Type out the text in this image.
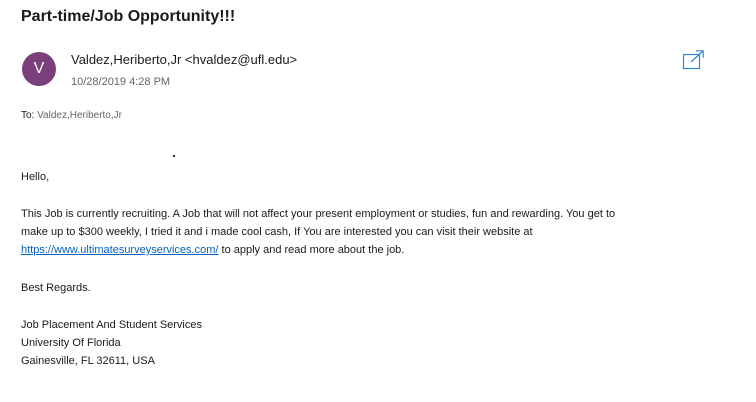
Part-time/Job Opportunity!!!
V
Valdez,Heriberto,Jr <hvaldez@ufl.edu>
10/28/2019 4:28 PM
To: Valdez,Heriberto,Jr
Hello,
This Job is currently recruiting. A Job that will not affect your present employment or studies, fun and rewarding. You get to
make up to $300 weekly, I tried it and i made cool cash, If You are interested you can visit their website at
https://www.ultimatesurveyservices.com/ to apply and read more about the job.
Best Regards.
Job Placement And Student Services
University Of Florida
Gainesville, FL 32611, USA
